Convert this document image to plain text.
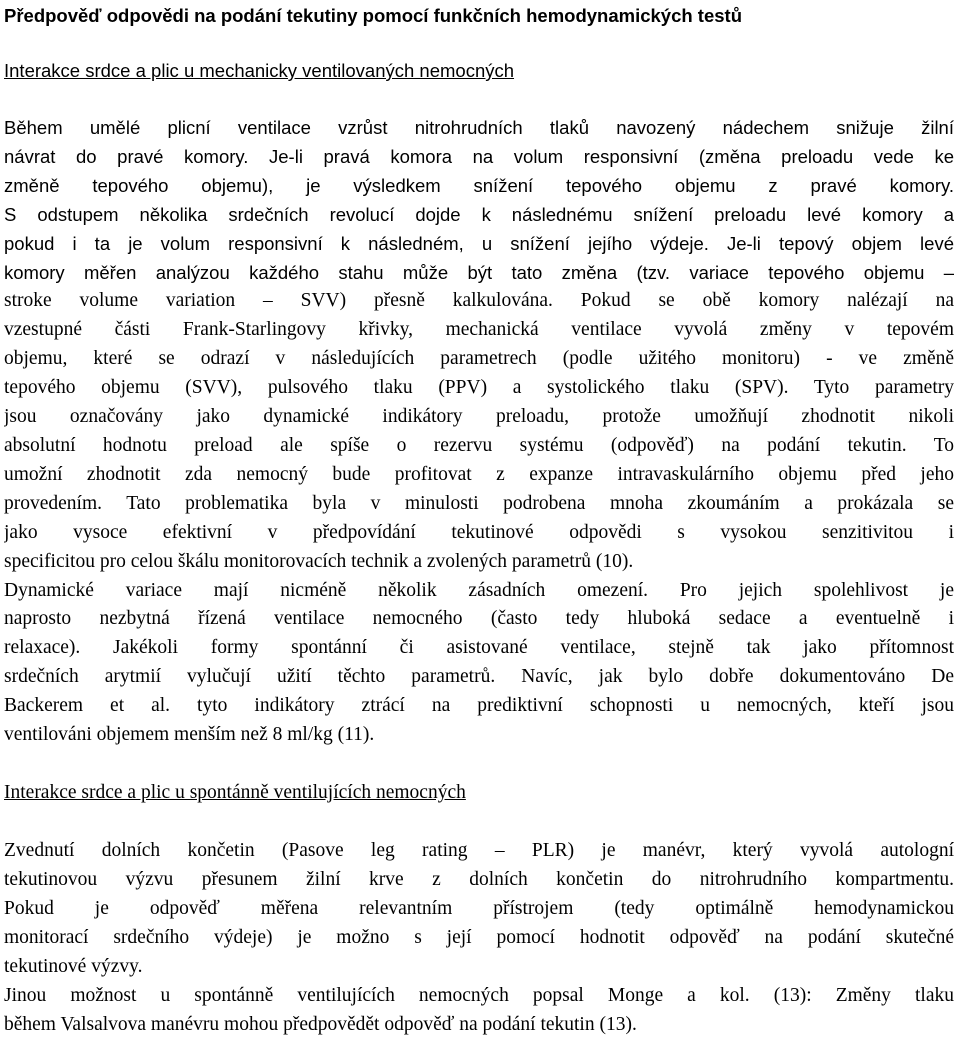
Předpověď odpovědi na podání tekutiny pomocí funkčních hemodynamických testů
Interakce srdce a plic u mechanicky ventilovaných nemocných
Během umělé plicní ventilace vzrůst nitrohrudních tlaků navozený nádechem snižuje žilní
návrat do pravé komory. Je-li pravá komora na volum responsivní (změna preloadu vede ke
změně tepového objemu), je výsledkem snížení tepového objemu z pravé komory.
S odstupem několika srdečních revolucí dojde k následnému snížení preloadu levé komory a
pokud i ta je volum responsivní k následném, u snížení jejího výdeje. Je-li tepový objem levé
komory měřen analýzou každého stahu může být tato změna (tzv. variace tepového objemu –
stroke volume variation – SVV) přesně kalkulována. Pokud se obě komory nalézají na
vzestupné části Frank-Starlingovy křivky, mechanická ventilace vyvolá změny v tepovém
objemu, které se odrazí v následujících parametrech (podle užitého monitoru) - ve změně
tepového objemu (SVV), pulsového tlaku (PPV) a systolického tlaku (SPV). Tyto parametry
jsou označovány jako dynamické indikátory preloadu, protože umožňují zhodnotit nikoli
absolutní hodnotu preload ale spíše o rezervu systému (odpověď) na podání tekutin. To
umožní zhodnotit zda nemocný bude profitovat z expanze intravaskulárního objemu před jeho
provedením. Tato problematika byla v minulosti podrobena mnoha zkoumáním a prokázala se
jako vysoce efektivní v předpovídání tekutinové odpovědi s vysokou senzitivitou i
specificitou pro celou škálu monitorovacích technik a zvolených parametrů (10).
Dynamické variace mají nicméně několik zásadních omezení. Pro jejich spolehlivost je
naprosto nezbytná řízená ventilace nemocného (často tedy hluboká sedace a eventuelně i
relaxace). Jakékoli formy spontánní či asistované ventilace, stejně tak jako přítomnost
srdečních arytmií vylučují užití těchto parametrů. Navíc, jak bylo dobře dokumentováno De
Backerem et al. tyto indikátory ztrácí na prediktivní schopnosti u nemocných, kteří jsou
ventilováni objemem menším než 8 ml/kg (11).
Interakce srdce a plic u spontánně ventilujících nemocných
Zvednutí dolních končetin (Pasove leg rating – PLR) je manévr, který vyvolá autologní
tekutinovou výzvu přesunem žilní krve z dolních končetin do nitrohrudního kompartmentu.
Pokud je odpověď měřena relevantním přístrojem (tedy optimálně hemodynamickou
monitorací srdečního výdeje) je možno s její pomocí hodnotit odpověď na podání skutečné
tekutinové výzvy.
Jinou možnost u spontánně ventilujících nemocných popsal Monge a kol. (13): Změny tlaku
během Valsalvova manévru mohou předpovědět odpověď na podání tekutin (13).
